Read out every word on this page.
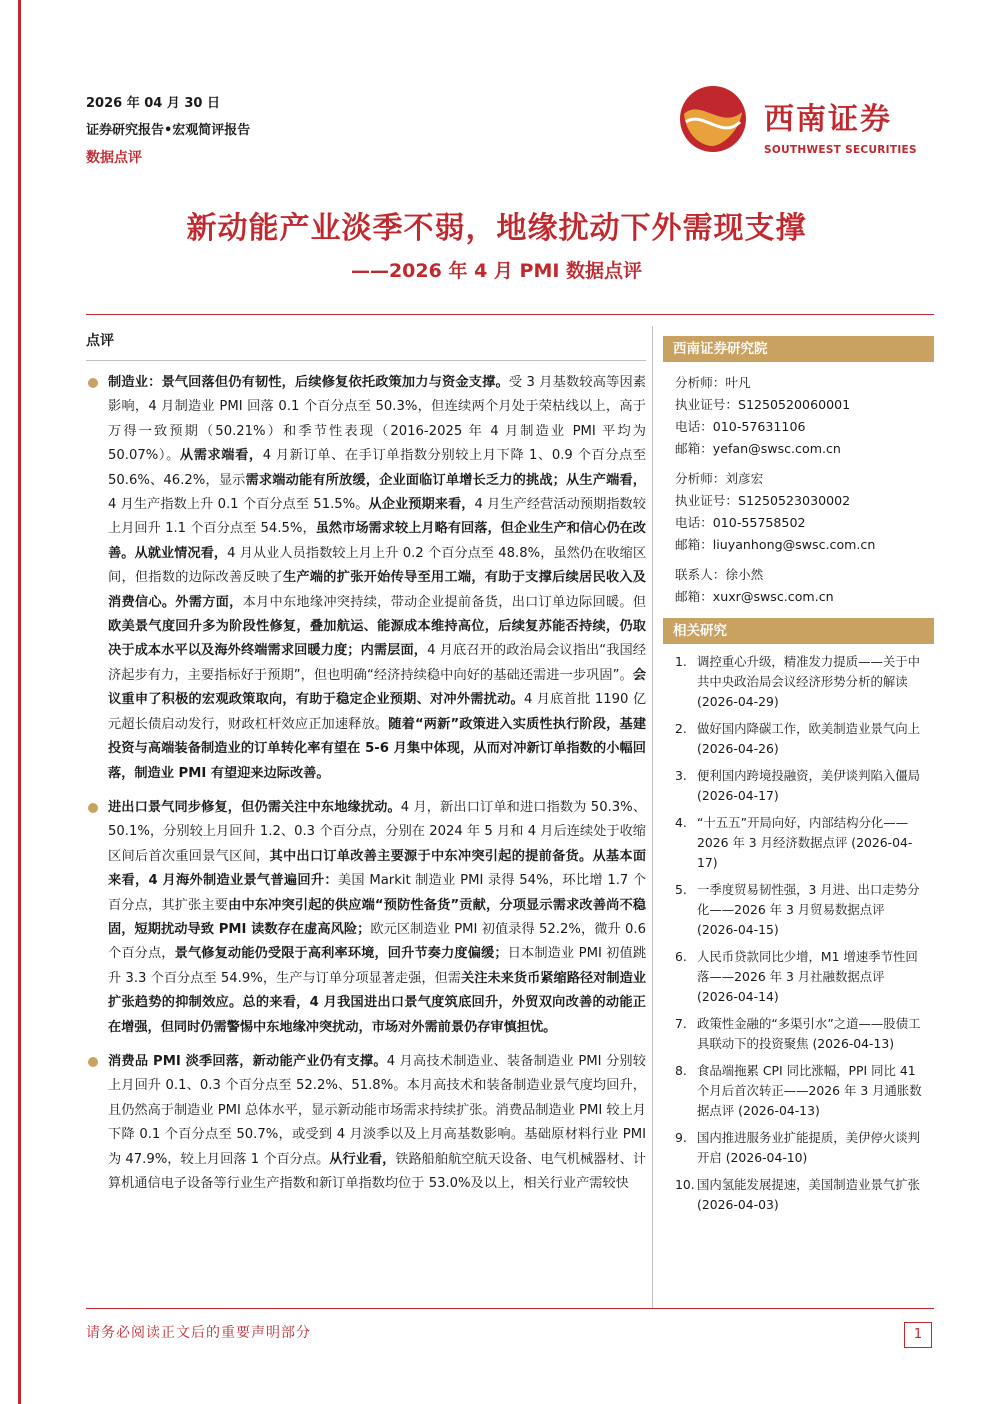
2026 年 04 月 30 日
证券研究报告•宏观简评报告
数据点评
西南证券
SOUTHWEST SECURITIES
新动能产业淡季不弱，地缘扰动下外需现支撑
——2026 年 4 月 PMI 数据点评
点评
制造业：景气回落但仍有韧性，后续修复依托政策加力与资金支撑。受 3 月基数较高等因素影响，4 月制造业 PMI 回落 0.1 个百分点至 50.3%，但连续两个月处于荣枯线以上，高于万得一致预期（50.21%）和季节性表现（2016-2025 年 4 月制造业 PMI 平均为 50.07%）。从需求端看，4 月新订单、在手订单指数分别较上月下降 1、0.9 个百分点至 50.6%、46.2%，显示需求端动能有所放缓，企业面临订单增长乏力的挑战；从生产端看，4 月生产指数上升 0.1 个百分点至 51.5%。从企业预期来看，4 月生产经营活动预期指数较上月回升 1.1 个百分点至 54.5%，虽然市场需求较上月略有回落，但企业生产和信心仍在改善。从就业情况看，4 月从业人员指数较上月上升 0.2 个百分点至 48.8%，虽然仍在收缩区间，但指数的边际改善反映了生产端的扩张开始传导至用工端，有助于支撑后续居民收入及消费信心。外需方面，本月中东地缘冲突持续，带动企业提前备货，出口订单边际回暖。但欧美景气度回升多为阶段性修复，叠加航运、能源成本维持高位，后续复苏能否持续，仍取决于成本水平以及海外终端需求回暖力度；内需层面，4 月底召开的政治局会议指出“我国经济起步有力，主要指标好于预期”，但也明确“经济持续稳中向好的基础还需进一步巩固”。会议重申了积极的宏观政策取向，有助于稳定企业预期、对冲外需扰动。4 月底首批 1190 亿元超长债启动发行，财政杠杆效应正加速释放。随着“两新”政策进入实质性执行阶段，基建投资与高端装备制造业的订单转化率有望在 5-6 月集中体现，从而对冲新订单指数的小幅回落，制造业 PMI 有望迎来边际改善。
进出口景气同步修复，但仍需关注中东地缘扰动。4 月，新出口订单和进口指数为 50.3%、50.1%，分别较上月回升 1.2、0.3 个百分点，分别在 2024 年 5 月和 4 月后连续处于收缩区间后首次重回景气区间，其中出口订单改善主要源于中东冲突引起的提前备货。从基本面来看，4 月海外制造业景气普遍回升：美国 Markit 制造业 PMI 录得 54%，环比增 1.7 个百分点，其扩张主要由中东冲突引起的供应端“预防性备货”贡献，分项显示需求改善尚不稳固，短期扰动导致 PMI 读数存在虚高风险；欧元区制造业 PMI 初值录得 52.2%，微升 0.6 个百分点，景气修复动能仍受限于高利率环境，回升节奏力度偏缓；日本制造业 PMI 初值跳升 3.3 个百分点至 54.9%，生产与订单分项显著走强，但需关注未来货币紧缩路径对制造业扩张趋势的抑制效应。总的来看，4 月我国进出口景气度筑底回升，外贸双向改善的动能正在增强，但同时仍需警惕中东地缘冲突扰动，市场对外需前景仍存审慎担忧。
消费品 PMI 淡季回落，新动能产业仍有支撑。4 月高技术制造业、装备制造业 PMI 分别较上月回升 0.1、0.3 个百分点至 52.2%、51.8%。本月高技术和装备制造业景气度均回升，且仍然高于制造业 PMI 总体水平，显示新动能市场需求持续扩张。消费品制造业 PMI 较上月下降 0.1 个百分点至 50.7%，或受到 4 月淡季以及上月高基数影响。基础原材料行业 PMI 为 47.9%，较上月回落 1 个百分点。从行业看，铁路船舶航空航天设备、电气机械器材、计算机通信电子设备等行业生产指数和新订单指数均位于 53.0%及以上，相关行业产需较快
西南证券研究院
分析师：叶凡
执业证号：S1250520060001
电话：010-57631106
邮箱：yefan@swsc.com.cn
分析师：刘彦宏
执业证号：S1250523030002
电话：010-55758502
邮箱：liuyanhong@swsc.com.cn
联系人：徐小然
邮箱：xuxr@swsc.com.cn
相关研究
1. 调控重心升级，精准发力提质——关于中共中央政治局会议经济形势分析的解读 (2026-04-29)
2. 做好国内降碳工作，欧美制造业景气向上 (2026-04-26)
3. 便利国内跨境投融资，美伊谈判陷入僵局 (2026-04-17)
4. “十五五”开局向好，内部结构分化——2026 年 3 月经济数据点评 (2026-04-17)
5. 一季度贸易韧性强，3 月进、出口走势分化——2026 年 3 月贸易数据点评 (2026-04-15)
6. 人民币贷款同比少增，M1 增速季节性回落——2026 年 3 月社融数据点评 (2026-04-14)
7. 政策性金融的“多渠引水”之道——股债工具联动下的投资聚焦 (2026-04-13)
8. 食品端拖累 CPI 同比涨幅，PPI 同比 41 个月后首次转正——2026 年 3 月通胀数据点评 (2026-04-13)
9. 国内推进服务业扩能提质，美伊停火谈判开启 (2026-04-10)
10. 国内氢能发展提速，美国制造业景气扩张 (2026-04-03)
请务必阅读正文后的重要声明部分	1
